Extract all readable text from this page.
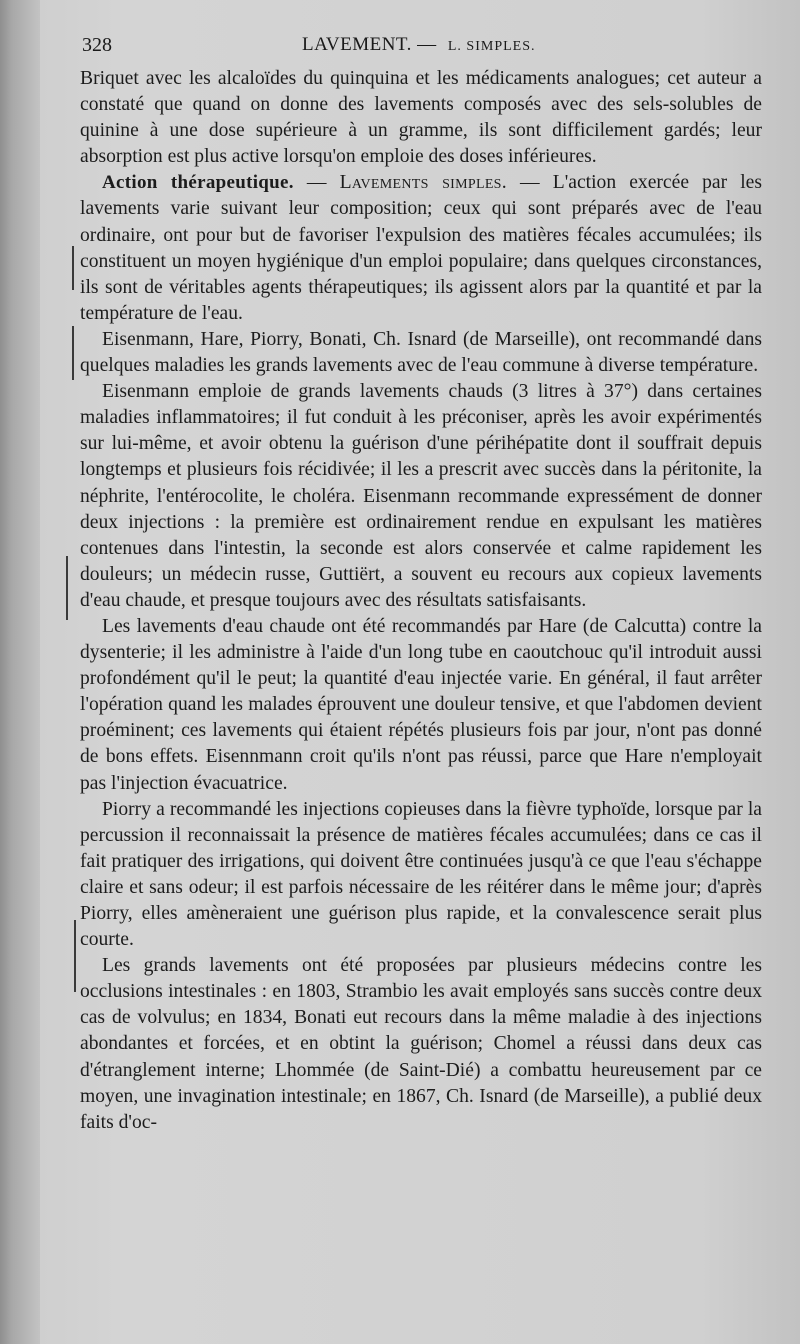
328	LAVEMENT. — L. SIMPLES.

Briquet avec les alcaloïdes du quinquina et les médicaments analogues; cet auteur a constaté que quand on donne des lavements composés avec des sels-solubles de quinine à une dose supérieure à un gramme, ils sont difficilement gardés; leur absorption est plus active lorsqu'on emploie des doses inférieures.

Action thérapeutique. — Lavements simples. — L'action exercée par les lavements varie suivant leur composition; ceux qui sont préparés avec de l'eau ordinaire, ont pour but de favoriser l'expulsion des matières fécales accumulées; ils constituent un moyen hygiénique d'un emploi populaire; dans quelques circonstances, ils sont de véritables agents thérapeutiques; ils agissent alors par la quantité et par la température de l'eau.

Eisenmann, Hare, Piorry, Bonati, Ch. Isnard (de Marseille), ont recommandé dans quelques maladies les grands lavements avec de l'eau commune à diverse température.

Eisenmann emploie de grands lavements chauds (3 litres à 37°) dans certaines maladies inflammatoires; il fut conduit à les préconiser, après les avoir expérimentés sur lui-même, et avoir obtenu la guérison d'une périhépatite dont il souffrait depuis longtemps et plusieurs fois récidivée; il les a prescrit avec succès dans la péritonite, la néphrite, l'entérocolite, le choléra. Eisenmann recommande expressément de donner deux injections : la première est ordinairement rendue en expulsant les matières contenues dans l'intestin, la seconde est alors conservée et calme rapidement les douleurs; un médecin russe, Guttiërt, a souvent eu recours aux copieux lavements d'eau chaude, et presque toujours avec des résultats satisfaisants.

Les lavements d'eau chaude ont été recommandés par Hare (de Calcutta) contre la dysenterie; il les administre à l'aide d'un long tube en caoutchouc qu'il introduit aussi profondément qu'il le peut; la quantité d'eau injectée varie. En général, il faut arrêter l'opération quand les malades éprouvent une douleur tensive, et que l'abdomen devient proéminent; ces lavements qui étaient répétés plusieurs fois par jour, n'ont pas donné de bons effets. Eisennmann croit qu'ils n'ont pas réussi, parce que Hare n'employait pas l'injection évacuatrice.

Piorry a recommandé les injections copieuses dans la fièvre typhoïde, lorsque par la percussion il reconnaissait la présence de matières fécales accumulées; dans ce cas il fait pratiquer des irrigations, qui doivent être continuées jusqu'à ce que l'eau s'échappe claire et sans odeur; il est parfois nécessaire de les réitérer dans le même jour; d'après Piorry, elles amèneraient une guérison plus rapide, et la convalescence serait plus courte.

Les grands lavements ont été proposées par plusieurs médecins contre les occlusions intestinales : en 1803, Strambio les avait employés sans succès contre deux cas de volvulus; en 1834, Bonati eut recours dans la même maladie à des injections abondantes et forcées, et en obtint la guérison; Chomel a réussi dans deux cas d'étranglement interne; Lhommée (de Saint-Dié) a combattu heureusement par ce moyen, une invagination intestinale; en 1867, Ch. Isnard (de Marseille), a publié deux faits d'oc-
